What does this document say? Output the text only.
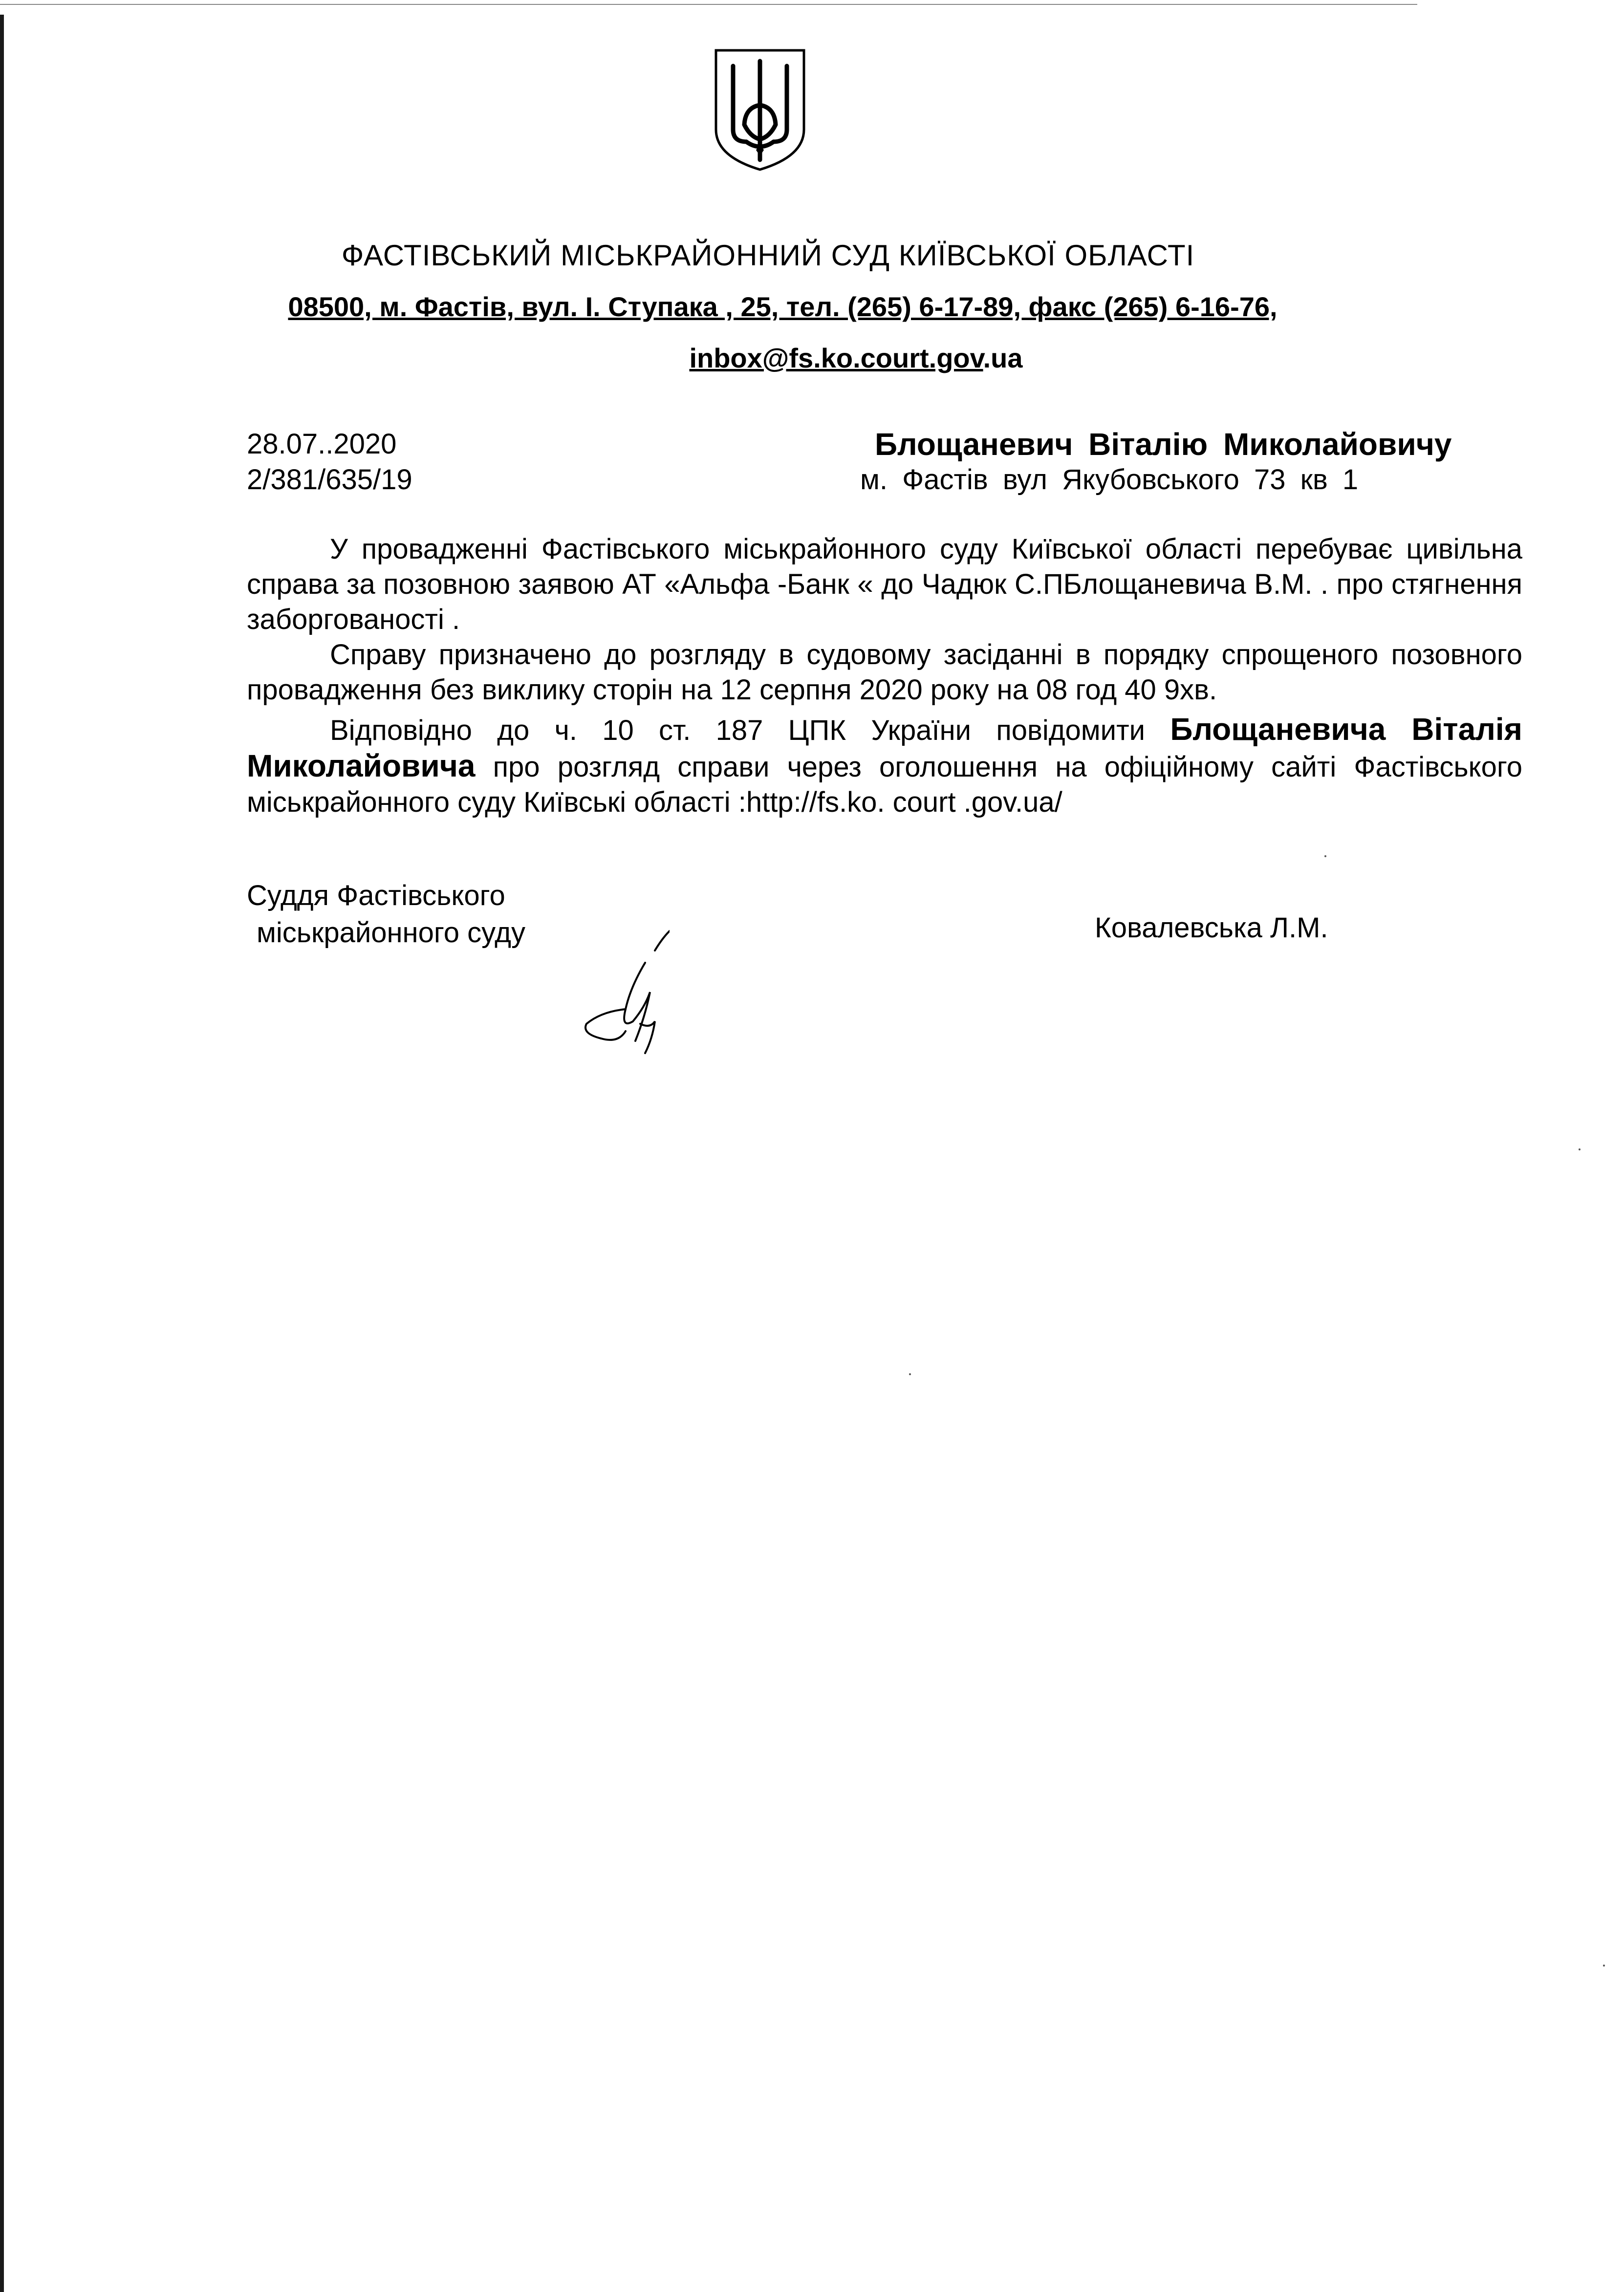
ФАСТІВСЬКИЙ МІСЬКРАЙОННИЙ СУД КИЇВСЬКОЇ ОБЛАСТІ
08500, м. Фастів, вул. І. Ступака , 25, тел. (265) 6-17-89, факс (265) 6-16-76,
inbox@fs.ko.court.gov.ua
28.07..2020
2/381/635/19
Блощаневич Віталію Миколайовичу
м. Фастів вул Якубовського 73 кв 1

У провадженні Фастівського міськрайонного суду Київської області перебуває цивільна справа за позовною заявою АТ «Альфа -Банк « до Чадюк С.ПБлощаневича В.М. . про стягнення заборгованості .

Справу призначено до розгляду в судовому засіданні в порядку спрощеного позовного провадження без виклику сторін на 12 серпня 2020 року на 08 год 40 9хв.

Відповідно до ч. 10 ст. 187 ЦПК України повідомити Блощаневича Віталія Миколайовича про розгляд справи через оголошення на офіційному сайті Фастівського міськрайонного суду Київські області :http://fs.ko. court .gov.ua/

Суддя Фастівського
міськрайонного суду	Ковалевська Л.М.
